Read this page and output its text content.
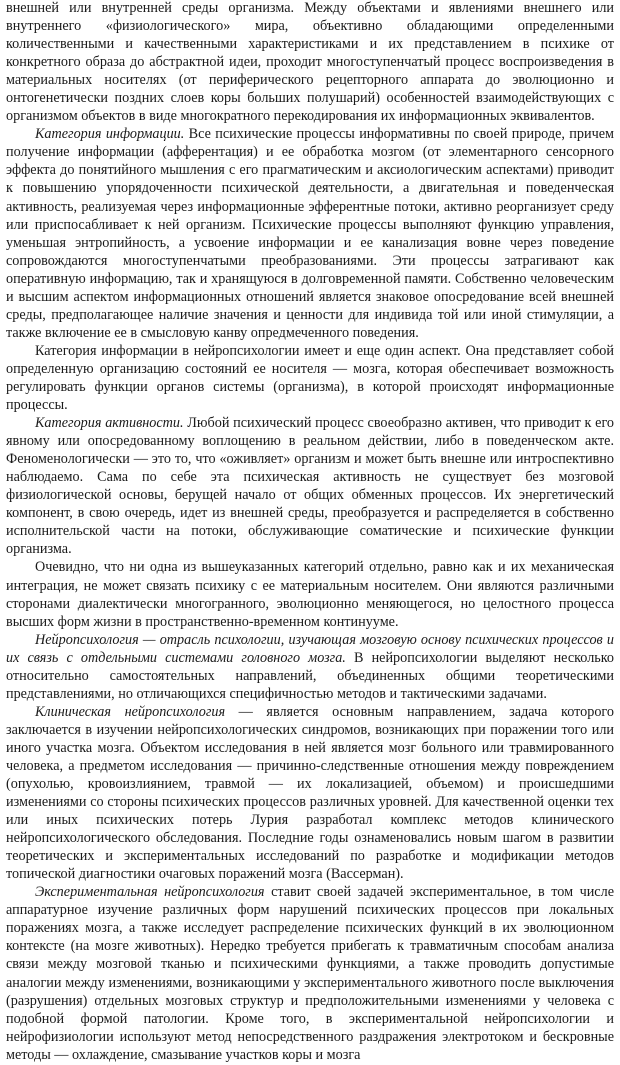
внешней или внутренней среды организма. Между объектами и явлениями внешнего или внутреннего «физиологического» мира, объективно обладающими определенными количественными и качественными характеристиками и их представлением в психике от конкретного образа до абстрактной идеи, проходит многоступенчатый процесс воспроизведения в материальных носителях (от периферического рецепторного аппарата до эволюционно и онтогенетически поздних слоев коры больших полушарий) особенностей взаимодействующих с организмом объектов в виде многократного перекодирования их информационных эквивалентов.

Категория информации. Все психические процессы информативны по своей природе, причем получение информации (афферентация) и ее обработка мозгом (от элементарного сенсорного эффекта до понятийного мышления с его прагматическим и аксиологическим аспектами) приводит к повышению упорядоченности психической деятельности, а двигательная и поведенческая активность, реализуемая через информационные эфферентные потоки, активно реорганизует среду или приспосабливает к ней организм. Психические процессы выполняют функцию управления, уменьшая энтропийность, а усвоение информации и ее канализация вовне через поведение сопровождаются многоступенчатыми преобразованиями. Эти процессы затрагивают как оперативную информацию, так и хранящуюся в долговременной памяти. Собственно человеческим и высшим аспектом информационных отношений является знаковое опосредование всей внешней среды, предполагающее наличие значения и ценности для индивида той или иной стимуляции, а также включение ее в смысловую канву опредмеченного поведения.

Категория информации в нейропсихологии имеет и еще один аспект. Она представляет собой определенную организацию состояний ее носителя — мозга, которая обеспечивает возможность регулировать функции органов системы (организма), в которой происходят информационные процессы.

Категория активности. Любой психический процесс своеобразно активен, что приводит к его явному или опосредованному воплощению в реальном действии, либо в поведенческом акте. Феноменологически — это то, что «оживляет» организм и может быть внешне или интроспективно наблюдаемо. Сама по себе эта психическая активность не существует без мозговой физиологической основы, берущей начало от общих обменных процессов. Их энергетический компонент, в свою очередь, идет из внешней среды, преобразуется и распределяется в собственно исполнительской части на потоки, обслуживающие соматические и психические функции организма.

Очевидно, что ни одна из вышеуказанных категорий отдельно, равно как и их механическая интеграция, не может связать психику с ее материальным носителем. Они являются различными сторонами диалектически многогранного, эволюционно меняющегося, но целостного процесса высших форм жизни в пространственно-временном континууме.

Нейропсихология — отрасль психологии, изучающая мозговую основу психических процессов и их связь с отдельными системами головного мозга. В нейропсихологии выделяют несколько относительно самостоятельных направлений, объединенных общими теоретическими представлениями, но отличающихся специфичностью методов и тактическими задачами.

Клиническая нейропсихология — является основным направлением, задача которого заключается в изучении нейропсихологических синдромов, возникающих при поражении того или иного участка мозга. Объектом исследования в ней является мозг больного или травмированного человека, а предметом исследования — причинно-следственные отношения между повреждением (опухолью, кровоизлиянием, травмой — их локализацией, объемом) и происшедшими изменениями со стороны психических процессов различных уровней. Для качественной оценки тех или иных психических потерь Лурия разработал комплекс методов клинического нейропсихологического обследования. Последние годы ознаменовались новым шагом в развитии теоретических и экспериментальных исследований по разработке и модификации методов топической диагностики очаговых поражений мозга (Вассерман).

Экспериментальная нейропсихология ставит своей задачей экспериментальное, в том числе аппаратурное изучение различных форм нарушений психических процессов при локальных поражениях мозга, а также исследует распределение психических функций в их эволюционном контексте (на мозге животных). Нередко требуется прибегать к травматичным способам анализа связи между мозговой тканью и психическими функциями, а также проводить допустимые аналогии между изменениями, возникающими у экспериментального животного после выключения (разрушения) отдельных мозговых структур и предположительными изменениями у человека с подобной формой патологии. Кроме того, в экспериментальной нейропсихологии и нейрофизиологии используют метод непосредственного раздражения электротоком и бескровные методы — охлаждение, смазывание участков коры и мозга
